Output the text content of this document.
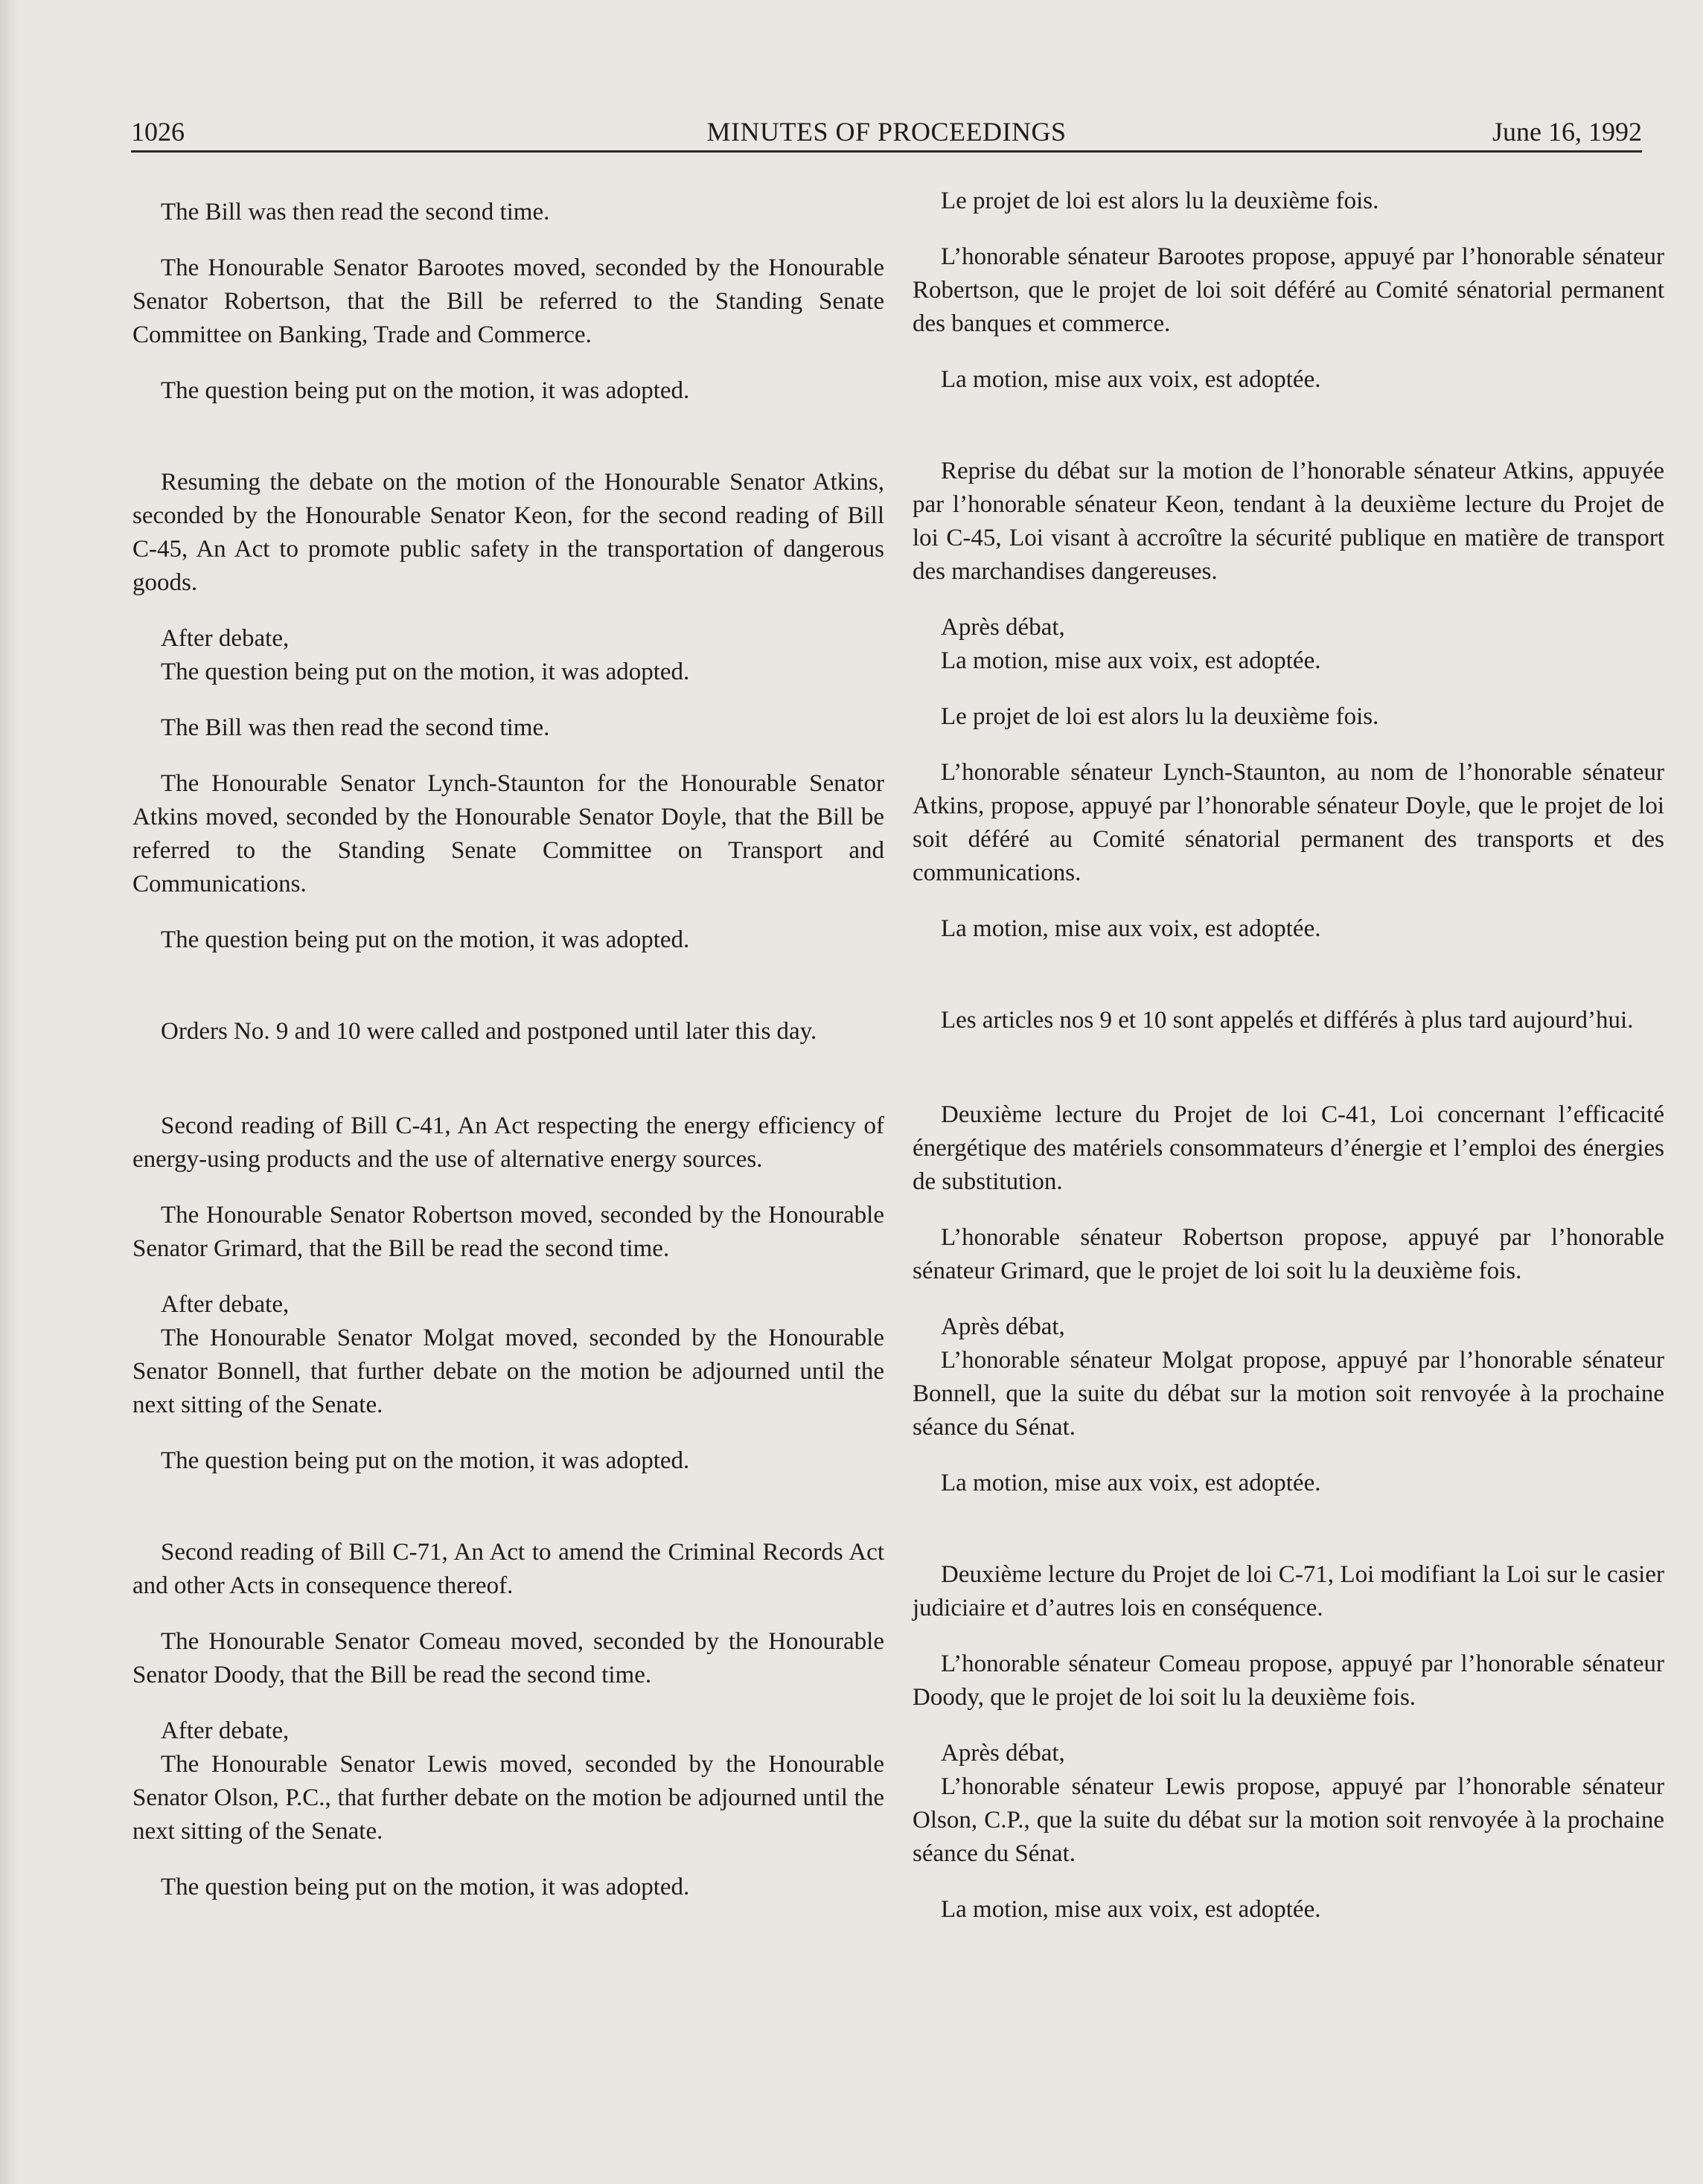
1026	MINUTES OF PROCEEDINGS	June 16, 1992

The Bill was then read the second time.

The Honourable Senator Barootes moved, seconded by the Honourable Senator Robertson, that the Bill be referred to the Standing Senate Committee on Banking, Trade and Commerce.

The question being put on the motion, it was adopted.

Resuming the debate on the motion of the Honourable Senator Atkins, seconded by the Honourable Senator Keon, for the second reading of Bill C-45, An Act to promote public safety in the transportation of dangerous goods.

After debate,

The question being put on the motion, it was adopted.

The Bill was then read the second time.

The Honourable Senator Lynch-Staunton for the Honourable Senator Atkins moved, seconded by the Honourable Senator Doyle, that the Bill be referred to the Standing Senate Committee on Transport and Communications.

The question being put on the motion, it was adopted.

Orders No. 9 and 10 were called and postponed until later this day.

Second reading of Bill C-41, An Act respecting the energy efficiency of energy-using products and the use of alternative energy sources.

The Honourable Senator Robertson moved, seconded by the Honourable Senator Grimard, that the Bill be read the second time.

After debate,

The Honourable Senator Molgat moved, seconded by the Honourable Senator Bonnell, that further debate on the motion be adjourned until the next sitting of the Senate.

The question being put on the motion, it was adopted.

Second reading of Bill C-71, An Act to amend the Criminal Records Act and other Acts in consequence thereof.

The Honourable Senator Comeau moved, seconded by the Honourable Senator Doody, that the Bill be read the second time.

After debate,

The Honourable Senator Lewis moved, seconded by the Honourable Senator Olson, P.C., that further debate on the motion be adjourned until the next sitting of the Senate.

The question being put on the motion, it was adopted.

Le projet de loi est alors lu la deuxième fois.

L’honorable sénateur Barootes propose, appuyé par l’honorable sénateur Robertson, que le projet de loi soit déféré au Comité sénatorial permanent des banques et commerce.

La motion, mise aux voix, est adoptée.

Reprise du débat sur la motion de l’honorable sénateur Atkins, appuyée par l’honorable sénateur Keon, tendant à la deuxième lecture du Projet de loi C-45, Loi visant à accroître la sécurité publique en matière de transport des marchandises dangereuses.

Après débat,

La motion, mise aux voix, est adoptée.

Le projet de loi est alors lu la deuxième fois.

L’honorable sénateur Lynch-Staunton, au nom de l’honorable sénateur Atkins, propose, appuyé par l’honorable sénateur Doyle, que le projet de loi soit déféré au Comité sénatorial permanent des transports et des communications.

La motion, mise aux voix, est adoptée.

Les articles nos 9 et 10 sont appelés et différés à plus tard aujourd’hui.

Deuxième lecture du Projet de loi C-41, Loi concernant l’efficacité énergétique des matériels consommateurs d’énergie et l’emploi des énergies de substitution.

L’honorable sénateur Robertson propose, appuyé par l’honorable sénateur Grimard, que le projet de loi soit lu la deuxième fois.

Après débat,

L’honorable sénateur Molgat propose, appuyé par l’honorable sénateur Bonnell, que la suite du débat sur la motion soit renvoyée à la prochaine séance du Sénat.

La motion, mise aux voix, est adoptée.

Deuxième lecture du Projet de loi C-71, Loi modifiant la Loi sur le casier judiciaire et d’autres lois en conséquence.

L’honorable sénateur Comeau propose, appuyé par l’honorable sénateur Doody, que le projet de loi soit lu la deuxième fois.

Après débat,

L’honorable sénateur Lewis propose, appuyé par l’honorable sénateur Olson, C.P., que la suite du débat sur la motion soit renvoyée à la prochaine séance du Sénat.

La motion, mise aux voix, est adoptée.
